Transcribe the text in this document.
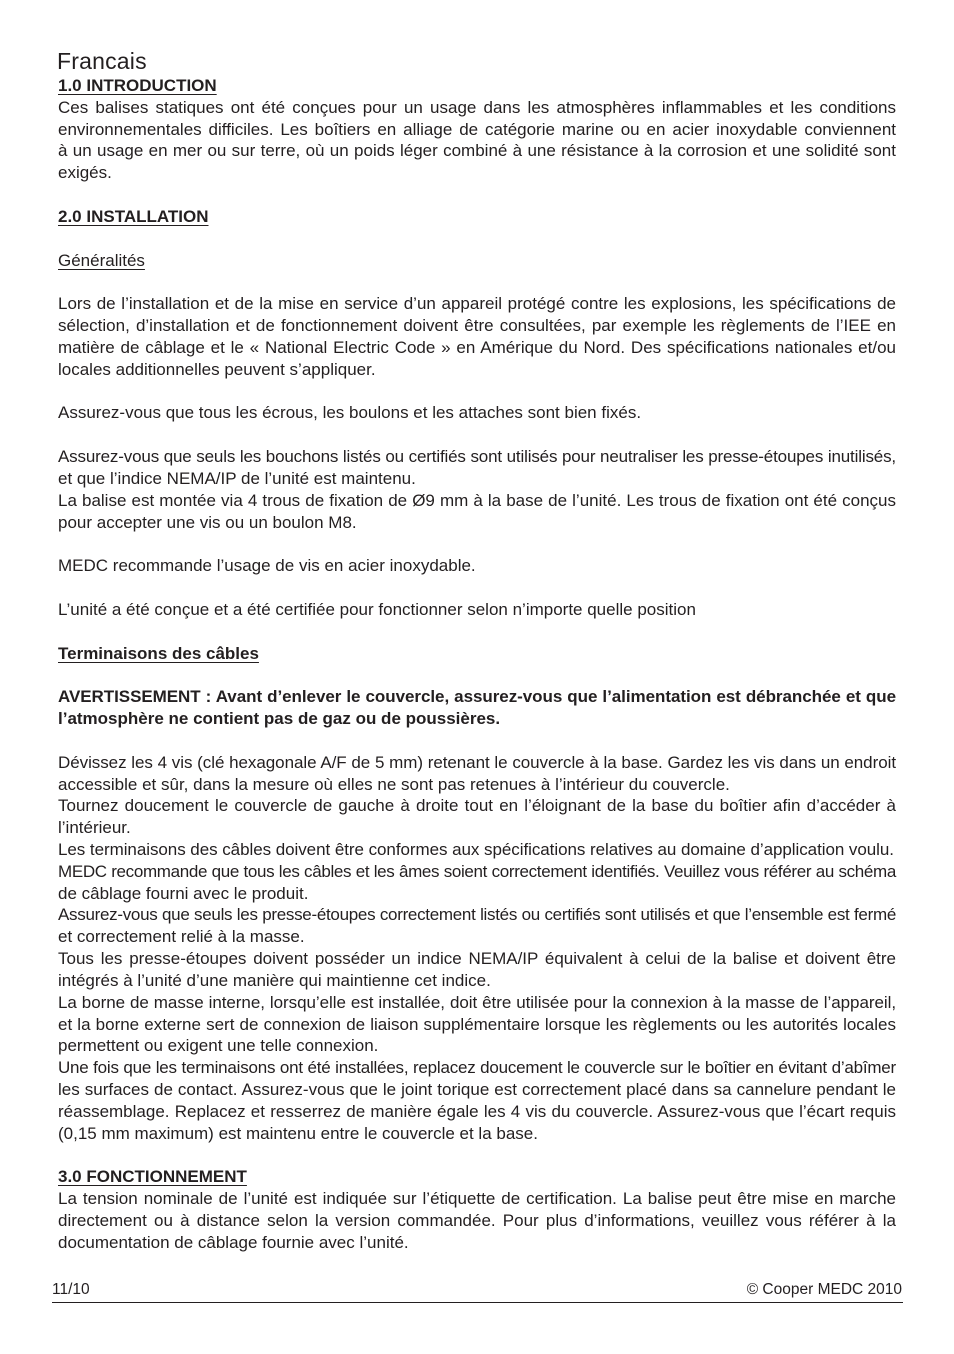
Francais
1.0 INTRODUCTION
Ces balises statiques ont été conçues pour un usage dans les atmosphères inflammables et les conditions
environnementales difficiles. Les boîtiers en alliage de catégorie marine ou en acier inoxydable conviennent
à un usage en mer ou sur terre, où un poids léger combiné à une résistance à la corrosion et une solidité sont
exigés.
2.0 INSTALLATION
Généralités
Lors de l’installation et de la mise en service d’un appareil protégé contre les explosions, les spécifications de
sélection, d’installation et de fonctionnement doivent être consultées, par exemple les règlements de l’IEE en
matière de câblage et le « National Electric Code » en Amérique du Nord. Des spécifications nationales et/ou
locales additionnelles peuvent s’appliquer.
Assurez-vous que tous les écrous, les boulons et les attaches sont bien fixés.
Assurez-vous que seuls les bouchons listés ou certifiés sont utilisés pour neutraliser les presse-étoupes inutilisés,
et que l’indice NEMA/IP de l’unité est maintenu.
La balise est montée via 4 trous de fixation de Ø9 mm à la base de l’unité. Les trous de fixation ont été conçus
pour accepter une vis ou un boulon M8.
MEDC recommande l’usage de vis en acier inoxydable.
L’unité a été conçue et a été certifiée pour fonctionner selon n’importe quelle position
Terminaisons des câbles
AVERTISSEMENT : Avant d’enlever le couvercle, assurez-vous que l’alimentation est débranchée et que
l’atmosphère ne contient pas de gaz ou de poussières.
Dévissez les 4 vis (clé hexagonale A/F de 5 mm) retenant le couvercle à la base. Gardez les vis dans un endroit
accessible et sûr, dans la mesure où elles ne sont pas retenues à l’intérieur du couvercle.
Tournez doucement le couvercle de gauche à droite tout en l’éloignant de la base du boîtier afin d’accéder à
l’intérieur.
Les terminaisons des câbles doivent être conformes aux spécifications relatives au domaine d’application voulu.
MEDC recommande que tous les câbles et les âmes soient correctement identifiés. Veuillez vous référer au schéma
de câblage fourni avec le produit.
Assurez-vous que seuls les presse-étoupes correctement listés ou certifiés sont utilisés et que l’ensemble est fermé
et correctement relié à la masse.
Tous les presse-étoupes doivent posséder un indice NEMA/IP équivalent à celui de la balise et doivent être
intégrés à l’unité d’une manière qui maintienne cet indice.
La borne de masse interne, lorsqu’elle est installée, doit être utilisée pour la connexion à la masse de l’appareil,
et la borne externe sert de connexion de liaison supplémentaire lorsque les règlements ou les autorités locales
permettent ou exigent une telle connexion.
Une fois que les terminaisons ont été installées, replacez doucement le couvercle sur le boîtier en évitant d’abîmer
les surfaces de contact. Assurez-vous que le joint torique est correctement placé dans sa cannelure pendant le
réassemblage. Replacez et resserrez de manière égale les 4 vis du couvercle. Assurez-vous que l’écart requis
(0,15 mm maximum) est maintenu entre le couvercle et la base.
3.0 FONCTIONNEMENT
La tension nominale de l’unité est indiquée sur l’étiquette de certification. La balise peut être mise en marche
directement ou à distance selon la version commandée. Pour plus d’informations, veuillez vous référer à la
documentation de câblage fournie avec l’unité.
11/10	© Cooper MEDC 2010
